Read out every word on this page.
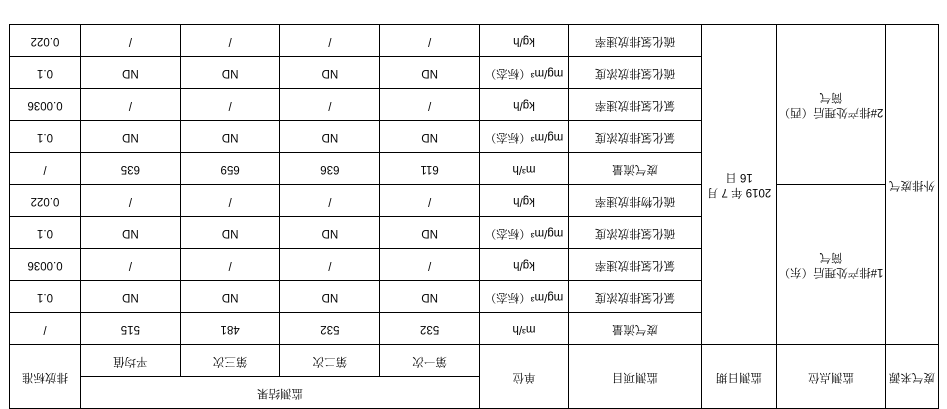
废气来源	监测点位	监测日期	监测项目	单位	监测结果				排放标准
					第一次	第二次	第三次	平均值	
外排废气	1#排产处理后（东）筒气	2019 年 7 月 16 日	废气流量	m³/h	532	532	481	515	/
			氯化氢排放浓度	mg/m³（标态）	ND	ND	ND	ND	0.1
			氯化氢排放速率	kg/h	/	/	/	/	0.0036
			硫化氢排放浓度	mg/m³（标态）	ND	ND	ND	ND	0.1
			硫化物排放速率	kg/h	/	/	/	/	0.022
	2#排产处理后（西）筒气		废气流量	m³/h	611	636	659	635	/
			氯化氢排放浓度	mg/m³（标态）	ND	ND	ND	ND	0.1
			氯化氢排放速率	kg/h	/	/	/	/	0.0036
			硫化氢排放浓度	mg/m³（标态）	ND	ND	ND	ND	0.1
			硫化氢排放速率	kg/h	/	/	/	/	0.022
